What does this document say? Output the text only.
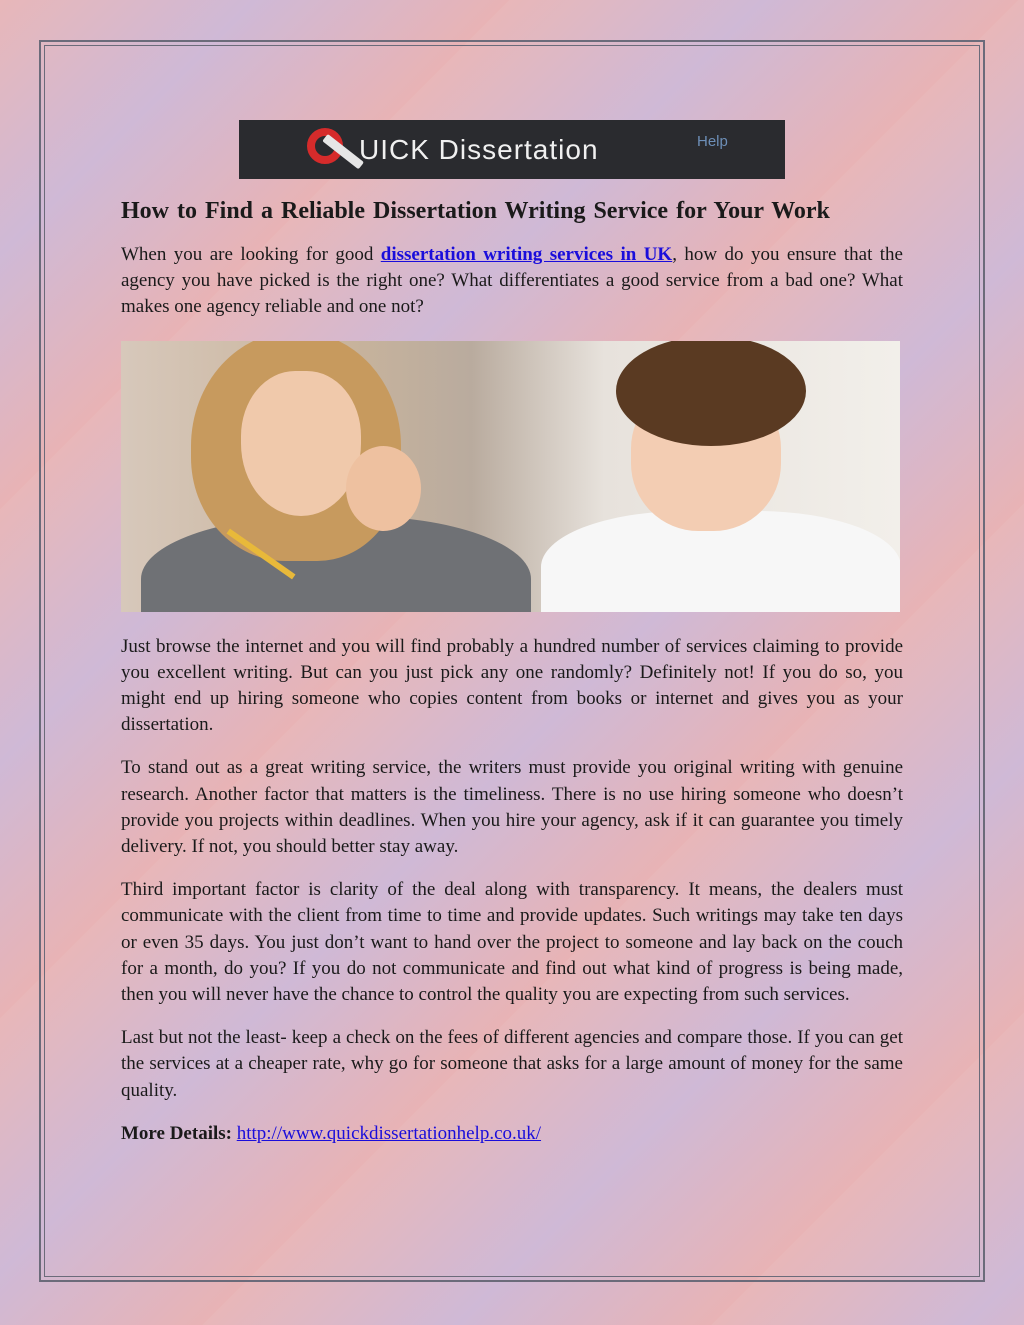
UICK Dissertation	Help
How to Find a Reliable Dissertation Writing Service for Your Work

When you are looking for good dissertation writing services in UK, how do you ensure that the agency you have picked is the right one? What differentiates a good service from a bad one? What makes one agency reliable and one not?

Just browse the internet and you will find probably a hundred number of services claiming to provide you excellent writing. But can you just pick any one randomly? Definitely not! If you do so, you might end up hiring someone who copies content from books or internet and gives you as your dissertation.

To stand out as a great writing service, the writers must provide you original writing with genuine research. Another factor that matters is the timeliness. There is no use hiring someone who doesn’t provide you projects within deadlines. When you hire your agency, ask if it can guarantee you timely delivery. If not, you should better stay away.

Third important factor is clarity of the deal along with transparency. It means, the dealers must communicate with the client from time to time and provide updates. Such writings may take ten days or even 35 days. You just don’t want to hand over the project to someone and lay back on the couch for a month, do you? If you do not communicate and find out what kind of progress is being made, then you will never have the chance to control the quality you are expecting from such services.

Last but not the least- keep a check on the fees of different agencies and compare those. If you can get the services at a cheaper rate, why go for someone that asks for a large amount of money for the same quality.

More Details: http://www.quickdissertationhelp.co.uk/
